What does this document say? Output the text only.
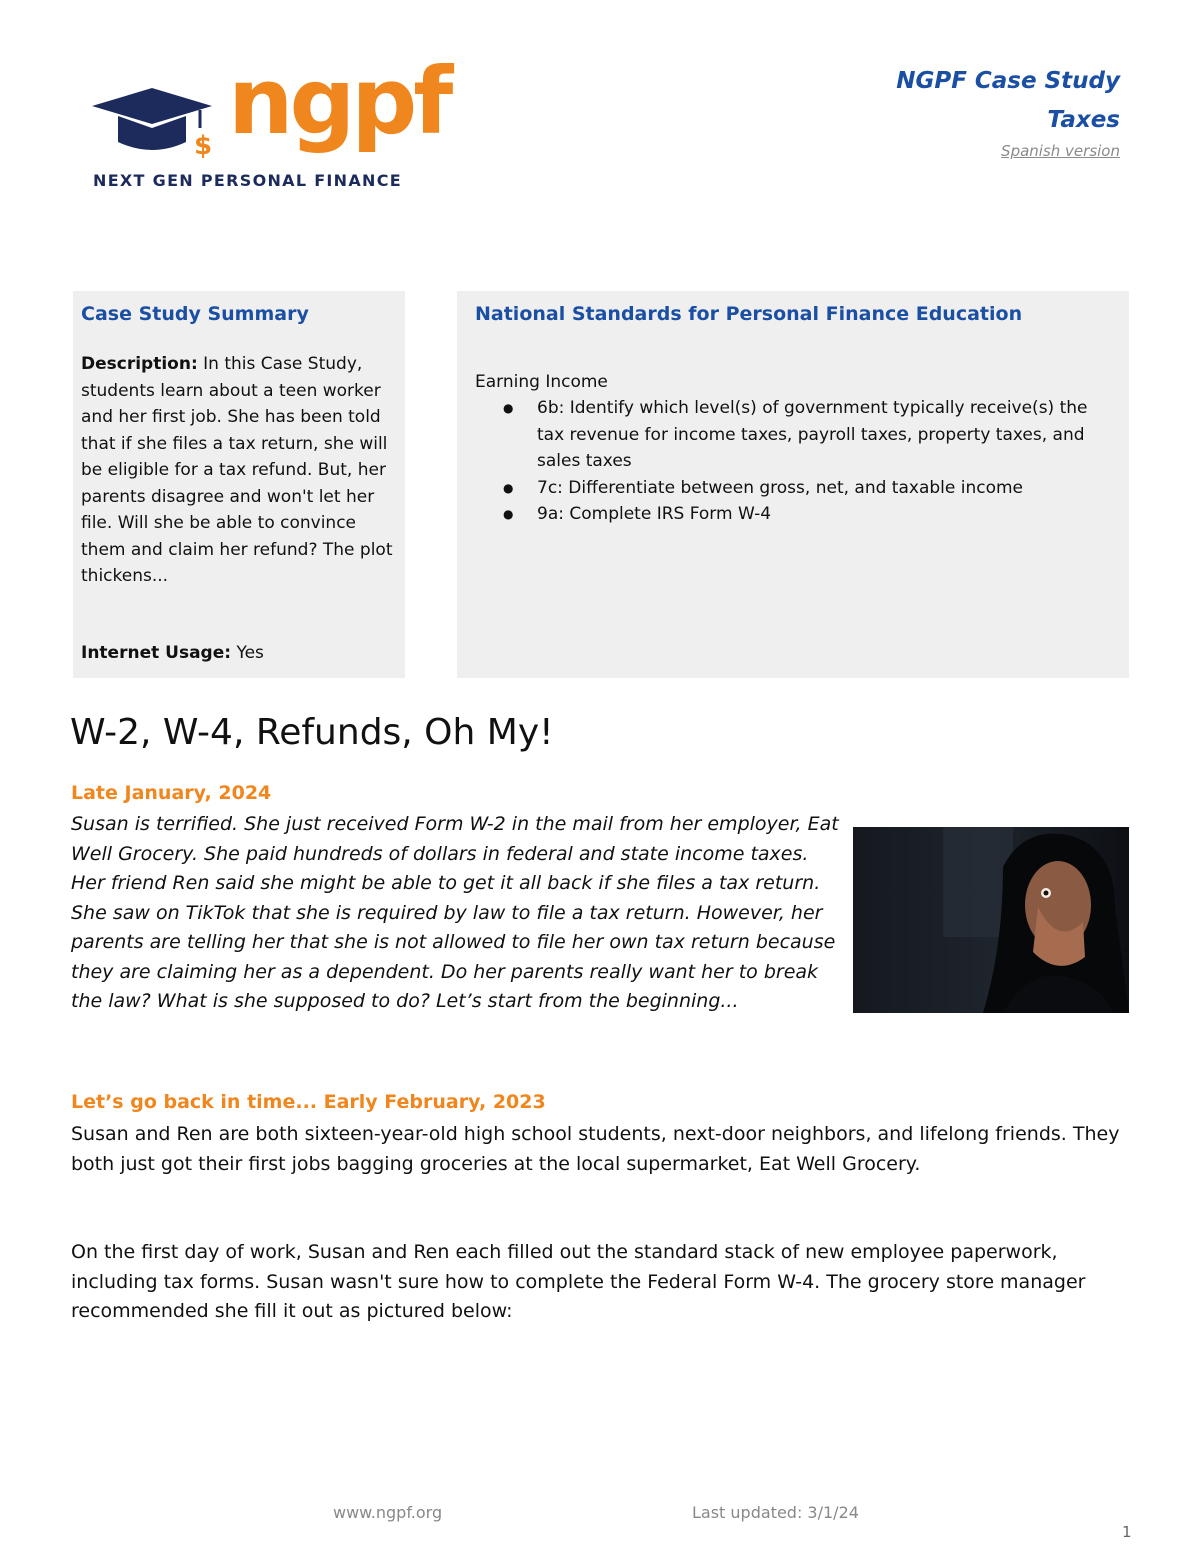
$ ngpf
NEXT GEN PERSONAL FINANCE
NGPF Case Study
Taxes
Spanish version
Case Study Summary
Description: In this Case Study, students learn about a teen worker and her first job. She has been told that if she files a tax return, she will be eligible for a tax refund. But, her parents disagree and won't let her file. Will she be able to convince them and claim her refund? The plot thickens...
Internet Usage: Yes
National Standards for Personal Finance Education
Earning Income
● 6b: Identify which level(s) of government typically receive(s) the tax revenue for income taxes, payroll taxes, property taxes, and sales taxes
● 7c: Differentiate between gross, net, and taxable income
● 9a: Complete IRS Form W-4
W-2, W-4, Refunds, Oh My!
Late January, 2024
Susan is terrified. She just received Form W-2 in the mail from her employer, Eat Well Grocery. She paid hundreds of dollars in federal and state income taxes. Her friend Ren said she might be able to get it all back if she files a tax return. She saw on TikTok that she is required by law to file a tax return. However, her parents are telling her that she is not allowed to file her own tax return because they are claiming her as a dependent. Do her parents really want her to break the law? What is she supposed to do? Let’s start from the beginning...
Let’s go back in time... Early February, 2023
Susan and Ren are both sixteen-year-old high school students, next-door neighbors, and lifelong friends. They both just got their first jobs bagging groceries at the local supermarket, Eat Well Grocery.
On the first day of work, Susan and Ren each filled out the standard stack of new employee paperwork, including tax forms. Susan wasn't sure how to complete the Federal Form W-4. The grocery store manager recommended she fill it out as pictured below:
www.ngpf.org	Last updated: 3/1/24
1
